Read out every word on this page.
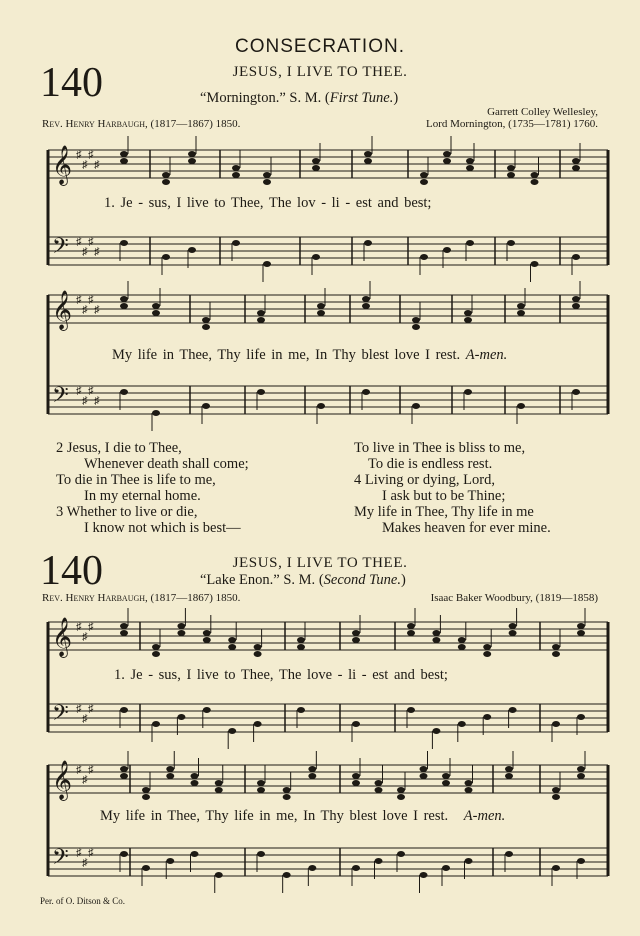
CONSECRATION.
140	JESUS, I LIVE TO THEE.
“Mornington.” S. M. (First Tune.)
Garrett Colley Wellesley,
Rev. Henry Harbaugh, (1817—1867) 1850.	Lord Mornington, (1735—1781) 1760.
𝄞
𝄢
♯
♯
♯
♯
♯
♯
♯
♯
𝄞
𝄢
♯
♯
♯
♯
♯
♯
♯
♯
𝄞
𝄢
♯
♯
♯
♯
♯
♯
𝄞
𝄢
♯
♯
♯
♯
♯
♯
1. Je - sus, I live to Thee, The lov - li - est and best;
My life in Thee, Thy life in me, In Thy blest love I rest. A-men.
2 Jesus, I die to Thee,
Whenever death shall come;
To die in Thee is life to me,
In my eternal home.
3 Whether to live or die,
I know not which is best—
To live in Thee is bliss to me,
To die is endless rest.
4 Living or dying, Lord,
I ask but to be Thine;
My life in Thee, Thy life in me
Makes heaven for ever mine.
140	JESUS, I LIVE TO THEE.
“Lake Enon.” S. M. (Second Tune.)
Rev. Henry Harbaugh, (1817—1867) 1850.	Isaac Baker Woodbury, (1819—1858)
1. Je - sus, I live to Thee, The love - li - est and best;
My life in Thee, Thy life in me, In Thy blest love I rest. A-men.
Per. of O. Ditson & Co.
